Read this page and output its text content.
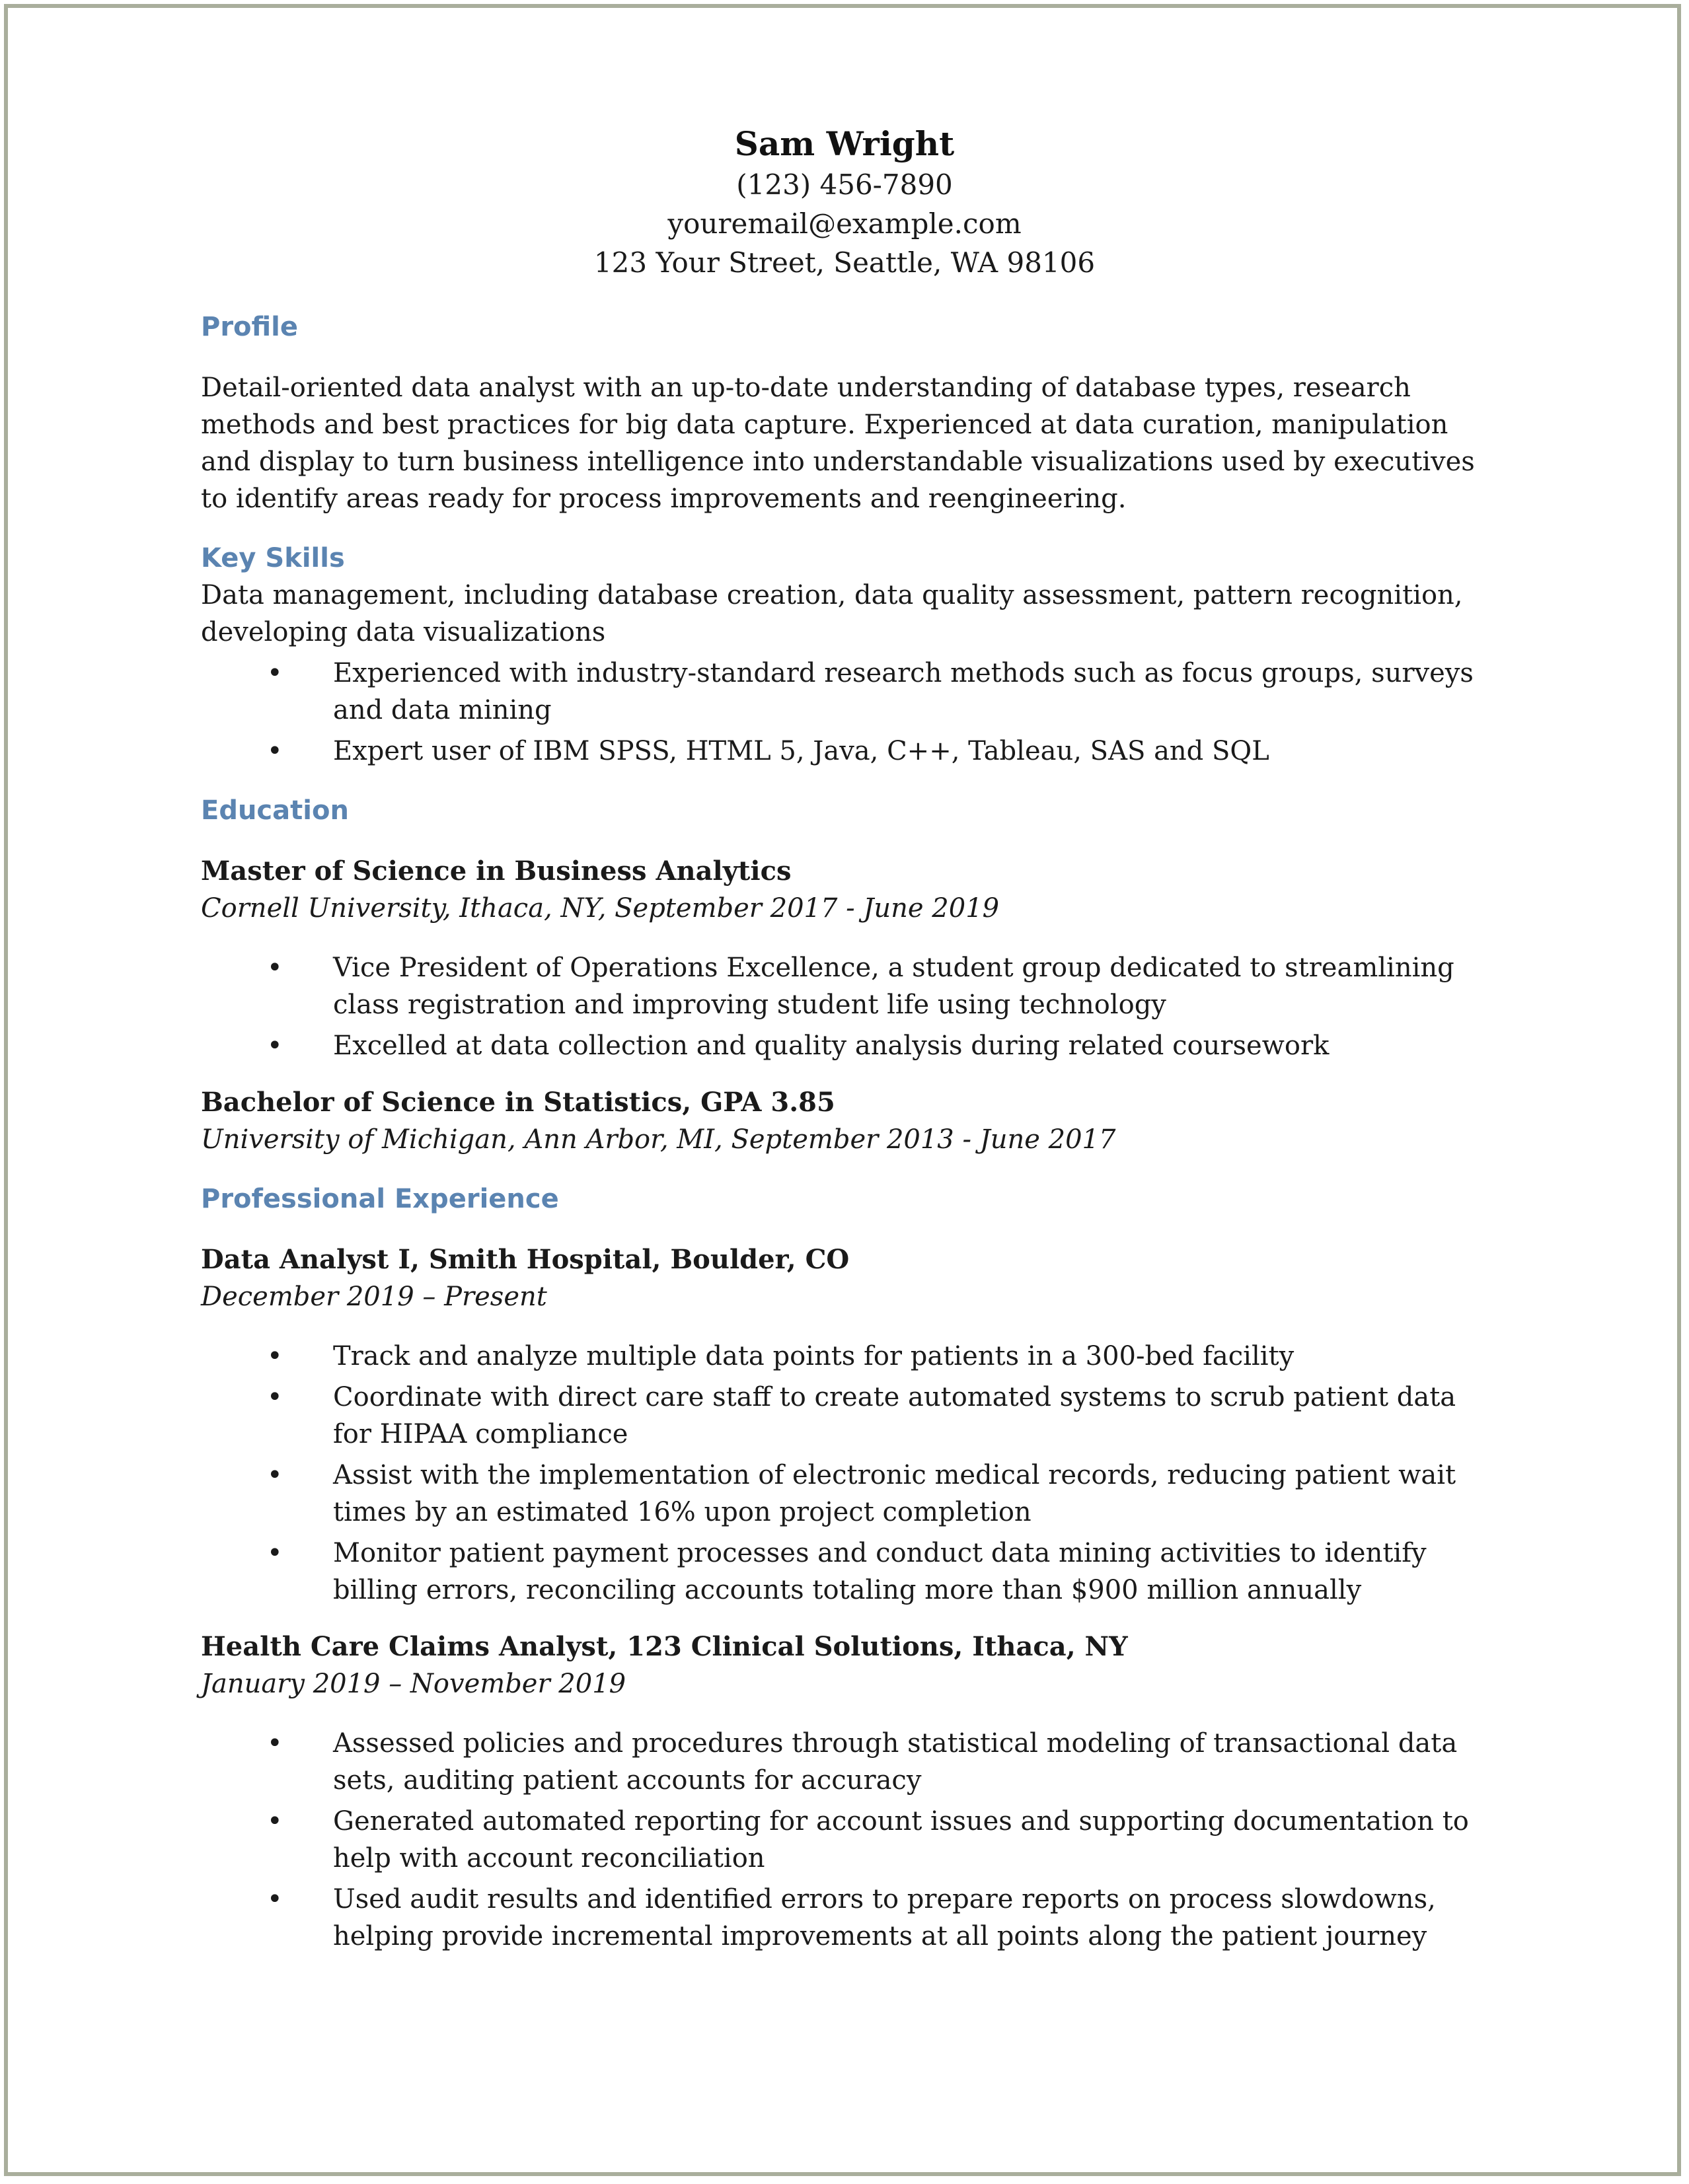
Sam Wright
(123) 456-7890
youremail@example.com
123 Your Street, Seattle, WA 98106
Profile

Detail-oriented data analyst with an up-to-date understanding of database types, research methods and best practices for big data capture. Experienced at data curation, manipulation and display to turn business intelligence into understandable visualizations used by executives to identify areas ready for process improvements and reengineering.

Key Skills

Data management, including database creation, data quality assessment, pattern recognition, developing data visualizations

• Experienced with industry-standard research methods such as focus groups, surveys and data mining
• Expert user of IBM SPSS, HTML 5, Java, C++, Tableau, SAS and SQL
Education

Master of Science in Business Analytics

Cornell University, Ithaca, NY, September 2017 - June 2019

• Vice President of Operations Excellence, a student group dedicated to streamlining class registration and improving student life using technology
• Excelled at data collection and quality analysis during related coursework

Bachelor of Science in Statistics, GPA 3.85

University of Michigan, Ann Arbor, MI, September 2013 - June 2017

Professional Experience

Data Analyst I, Smith Hospital, Boulder, CO

December 2019 – Present

• Track and analyze multiple data points for patients in a 300-bed facility
• Coordinate with direct care staff to create automated systems to scrub patient data for HIPAA compliance
• Assist with the implementation of electronic medical records, reducing patient wait times by an estimated 16% upon project completion
• Monitor patient payment processes and conduct data mining activities to identify billing errors, reconciling accounts totaling more than $900 million annually

Health Care Claims Analyst, 123 Clinical Solutions, Ithaca, NY

January 2019 – November 2019

• Assessed policies and procedures through statistical modeling of transactional data sets, auditing patient accounts for accuracy
• Generated automated reporting for account issues and supporting documentation to help with account reconciliation
• Used audit results and identified errors to prepare reports on process slowdowns, helping provide incremental improvements at all points along the patient journey
